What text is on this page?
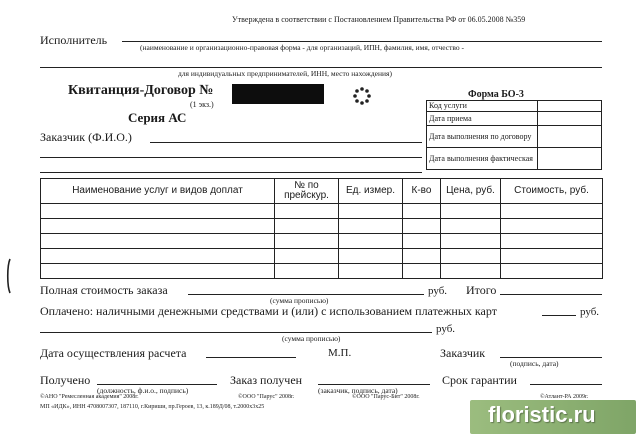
Утверждена в соответствии с Постановлением Правительства РФ от 06.05.2008 №359
Исполнитель
(наименование и организационно-правовая форма - для организаций, ИПН, фамилия, имя, отчество -
для индивидуальных предпринимателей, ИНН, место нахождения)
Квитанция-Договор №
(1 экз.)
Серия АС
Заказчик (Ф.И.О.)
Форма БО-3
Код услуги	
Дата приема	
Дата выполнения по договору	
Дата выполнения фактическая	
Наименование услуг и видов доплат	№ по прейскур.	Ед. измер.	К-во	Цена, руб.	Стоимость, руб.

Полная стоимость заказа
(сумма прописью)
руб. Итого
Оплачено: наличными денежными средствами и (или) с использованием платежных карт	руб.
руб.
(сумма прописью)
Дата осуществления расчета	М.П.	Заказчик
(подпись, дата)
Получено
(должность, ф.и.о., подпись)
Заказ получен
(заказчик, подпись, дата)
Срок гарантии
©АНО "Ремесленная академия" 2008г.
МП «ИДК», ИНН 4708007307, 187110, г.Кириши, пр.Героев, 13, к.189Д/08, т.2000х3х25
©ООО "Парус" 2008г.	©ООО "Парус-Бит" 2008г.	©Атлант-РА 2009г.
floristic.ru
